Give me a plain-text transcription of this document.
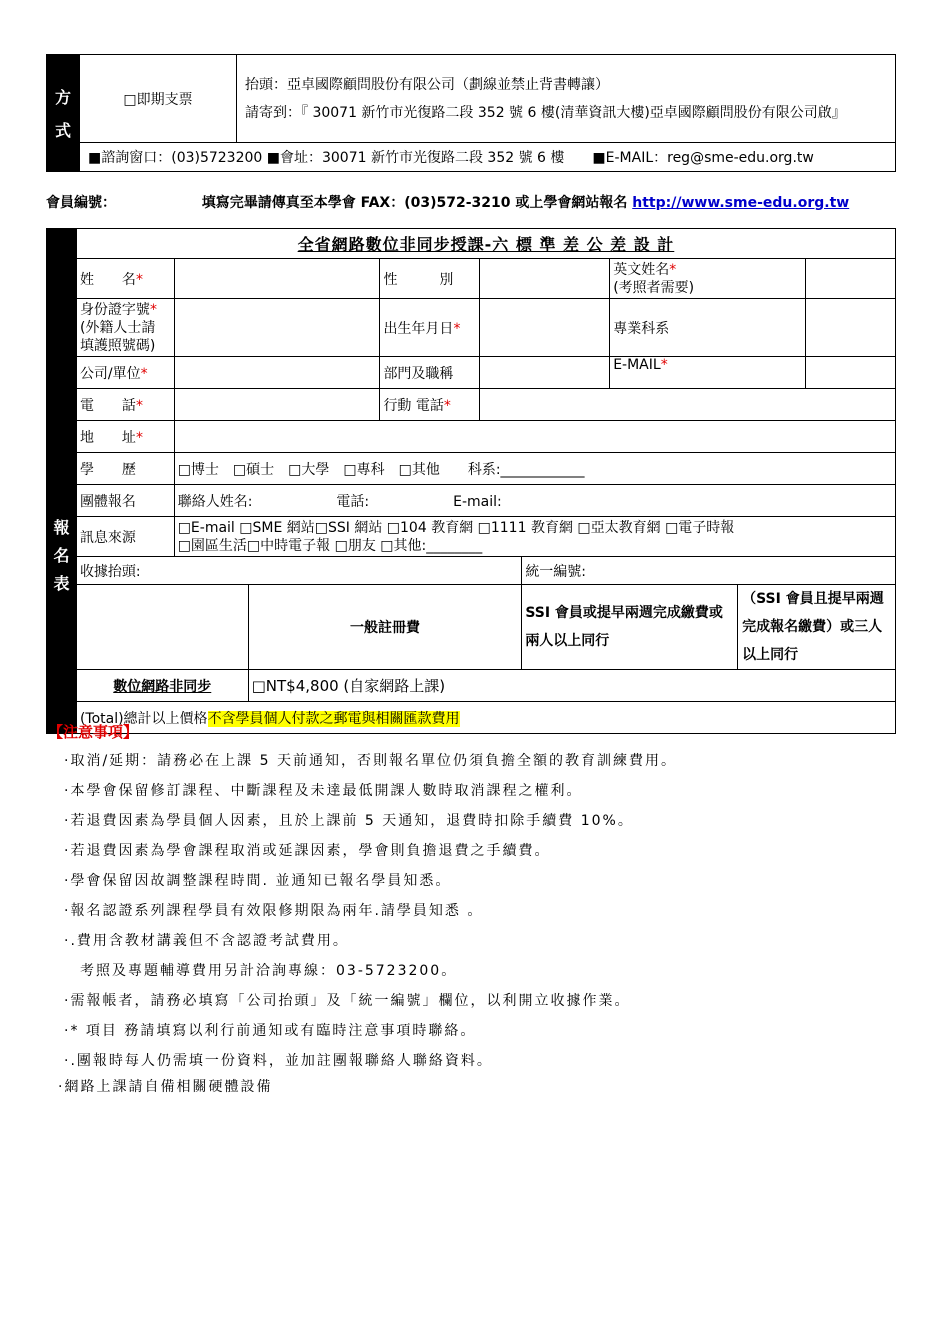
方
式
	□即期支票	
抬頭：亞卓國際顧問股份有限公司（劃線並禁止背書轉讓）
請寄到：『 30071 新竹市光復路二段 352 號 6 樓(清華資訊大樓)亞卓國際顧問股份有限公司啟』

■諮詢窗口：(03)5723200 ■會址：30071 新竹市光復路二段 352 號 6 樓　　■E-MAIL：reg@sme-edu.org.tw
會員編號：	填寫完畢請傳真至本學會 FAX：(03)572-3210 或上學會網站報名 http://www.sme-edu.org.tw
報
名
表	全省網路數位非同步授課-六 標 準 差 公 差 設 計								
	姓　　名*			性　　　別			英文姓名*
(考照者需要)		

	身份證字號*
(外籍人士請
填護照號碼)			出生年月日*			專業科系		
	公司/單位*			部門及職稱			E-MAIL*		
	電　　話*			行動 電話*					
	地　　址*								
	學　　歷	□博士　□碩士　□大學　□專科　□其他　　科系:____________							
	團體報名	聯絡人姓名:　　　　　　電話:　　　　　　E-mail:							
	訊息來源	□E-mail □SME 網站□SSI 網站 □104 教育網 □1111 教育網 □亞太教育網 □電子時報
□園區生活□中時電子報 □朋友 □其他:________							

	收據抬頭:					統一編號:			
			一般註冊費			SSI 會員或提早兩週完成繳費或兩人以上同行		（SSI 會員且提早兩週完成報名繳費）或三人以上同行	
	數位網路非同步		□NT$4,800 (自家網路上課)						
	(Total)總計以上價格不含學員個人付款之郵電與相關匯款費用								
【注意事項】
·取消/延期：請務必在上課 5 天前通知，否則報名單位仍須負擔全額的教育訓練費用。
·本學會保留修訂課程、中斷課程及未達最低開課人數時取消課程之權利。
·若退費因素為學員個人因素，且於上課前 5 天通知，退費時扣除手續費 10%。
·若退費因素為學會課程取消或延課因素，學會則負擔退費之手續費。
·學會保留因故調整課程時間. 並通知已報名學員知悉。
·報名認證系列課程學員有效限修期限為兩年.請學員知悉 。
·.費用含教材講義但不含認證考試費用。
　考照及專題輔導費用另計洽詢專線：03-5723200。
·需報帳者，請務必填寫「公司抬頭」及「統一編號」欄位，以利開立收據作業。
·* 項目 務請填寫以利行前通知或有臨時注意事項時聯絡。
·.團報時每人仍需填一份資料，並加註團報聯絡人聯絡資料。
·網路上課請自備相關硬體設備
